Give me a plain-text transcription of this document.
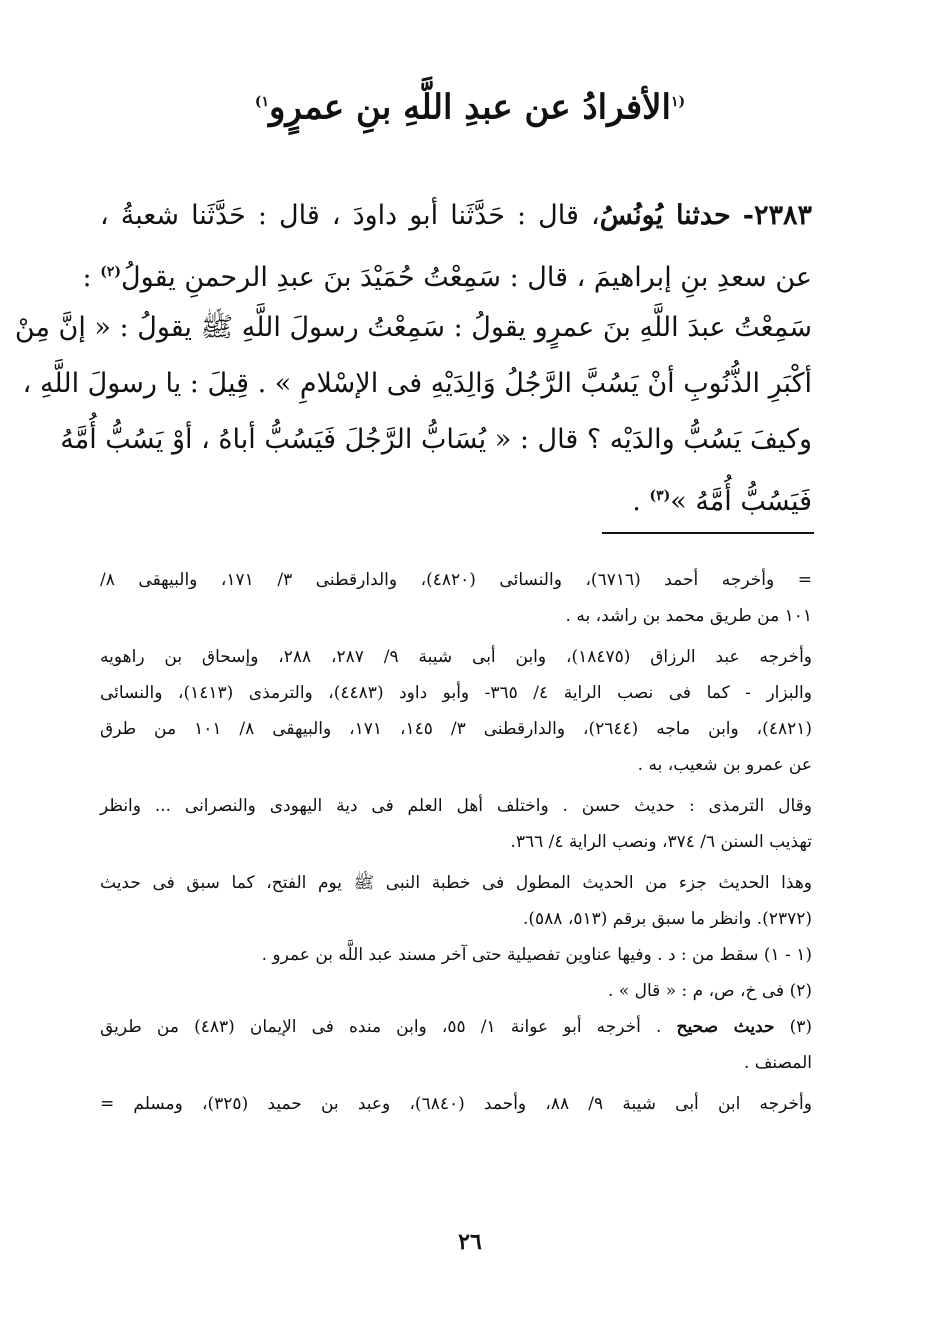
$^{(١}$الأفرادُ عن عبدِ اللَّهِ بنِ عمرٍو$^{١)}$
٢٣٨٣- حدثنا يُونُسُ، قال : حَدَّثَنا أبو داودَ ، قال : حَدَّثَنا شعبةُ ،
عن سعدِ بنِ إبراهيمَ ، قال : سَمِعْتُ حُمَيْدَ بنَ عبدِ الرحمنِ يقولُ$^{(٢)}$ :
سَمِعْتُ عبدَ اللَّهِ بنَ عمرٍو يقولُ : سَمِعْتُ رسولَ اللَّهِ ﷺ يقولُ : « إنَّ مِنْ
أكْبَرِ الذُّنُوبِ أنْ يَسُبَّ الرَّجُلُ وَالِدَيْهِ فى الإسْلامِ » . قِيلَ : يا رسولَ اللَّهِ ،
وكيفَ يَسُبُّ والدَيْه ؟ قال : « يُسَابُّ الرَّجُلَ فَيَسُبُّ أباهُ ، أوْ يَسُبُّ أُمَّهُ
فَيَسُبُّ أُمَّهُ »$^{(٣)}$ .
= وأخرجه أحمد (٦٧١٦)، والنسائى (٤٨٢٠)، والدارقطنى ٣/ ١٧١، والبيهقى ٨/
١٠١ من طريق محمد بن راشد، به .
وأخرجه عبد الرزاق (١٨٤٧٥)، وابن أبى شيبة ٩/ ٢٨٧، ٢٨٨، وإسحاق بن راهويه
والبزار - كما فى نصب الراية ٤/ ٣٦٥- وأبو داود (٤٤٨٣)، والترمذى (١٤١٣)، والنسائى
(٤٨٢١)، وابن ماجه (٢٦٤٤)، والدارقطنى ٣/ ١٤٥، ١٧١، والبيهقى ٨/ ١٠١ من طرق
عن عمرو بن شعيب، به .
وقال الترمذى : حديث حسن . واختلف أهل العلم فى دية اليهودى والنصرانى ... وانظر
تهذيب السنن ٦/ ٣٧٤، ونصب الراية ٤/ ٣٦٦.
وهذا الحديث جزء من الحديث المطول فى خطبة النبى ﷺ يوم الفتح، كما سبق فى حديث
(٢٣٧٢). وانظر ما سبق برقم (٥١٣، ٥٨٨).
(١ - ١) سقط من : د . وفيها عناوين تفصيلية حتى آخر مسند عبد اللَّه بن عمرو .
(٢) فى خ، ص، م : « قال » .
(٣) حديث صحيح . أخرجه أبو عوانة ١/ ٥٥، وابن منده فى الإيمان (٤٨٣) من طريق
المصنف .
وأخرجه ابن أبى شيبة ٩/ ٨٨، وأحمد (٦٨٤٠)، وعبد بن حميد (٣٢٥)، ومسلم =
٢٦
